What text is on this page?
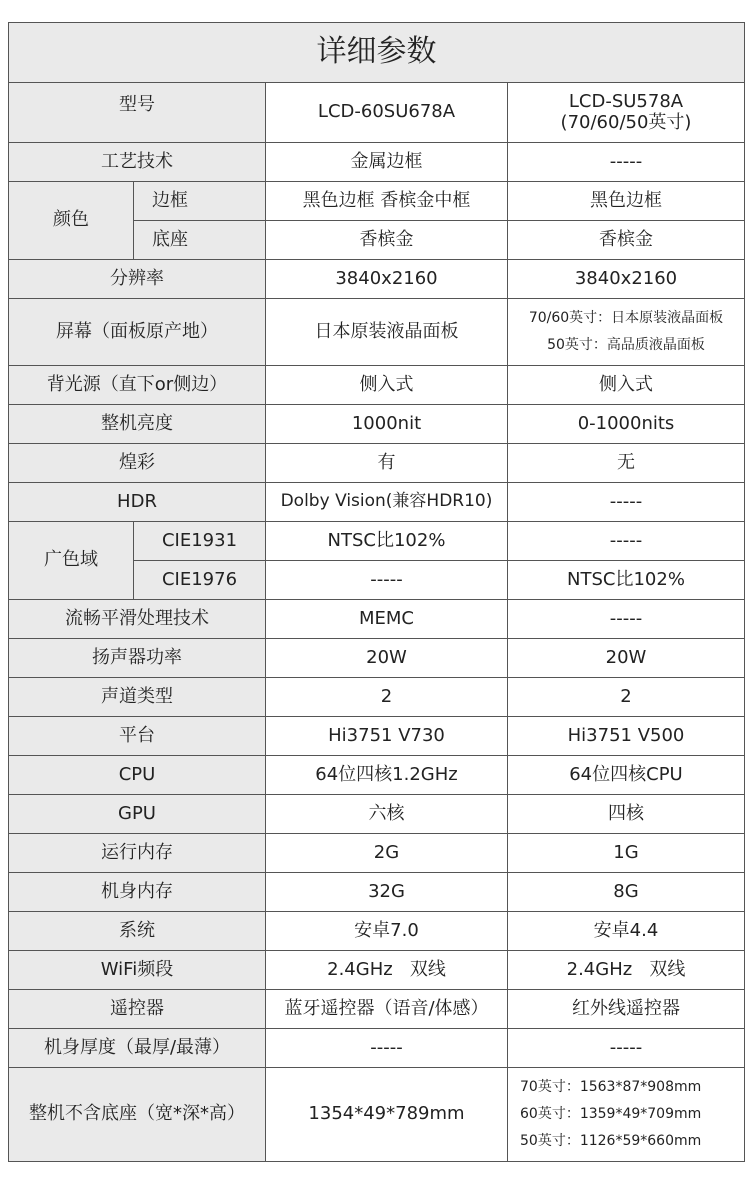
详细参数			
型号		LCD-60SU678A	LCD-SU578A
(70/60/50英寸)

工艺技术		金属边框	-----
颜色	边框	黑色边框 香槟金中框	黑色边框
	底座	香槟金	香槟金
分辨率		3840x2160	3840x2160
屏幕（面板原产地）		日本原装液晶面板	70/60英寸：日本原装液晶面板
50英寸：高品质液晶面板

背光源（直下or侧边）		侧入式	侧入式
整机亮度		1000nit	0-1000nits
煌彩		有	无
HDR		Dolby Vision(兼容HDR10)	-----
广色域	CIE1931	NTSC比102%	-----
	CIE1976	-----	NTSC比102%
流畅平滑处理技术		MEMC	-----
扬声器功率		20W	20W
声道类型		2	2
平台		Hi3751 V730	Hi3751 V500
CPU		64位四核1.2GHz	64位四核CPU
GPU		六核	四核
运行内存		2G	1G
机身内存		32G	8G
系统		安卓7.0	安卓4.4
WiFi频段		2.4GHz   双线	2.4GHz   双线
遥控器		蓝牙遥控器（语音/体感）	红外线遥控器
机身厚度（最厚/最薄）		-----	-----
整机不含底座（宽*深*高）		1354*49*789mm	70英寸：1563*87*908mm
60英寸：1359*49*709mm
50英寸：1126*59*660mm
